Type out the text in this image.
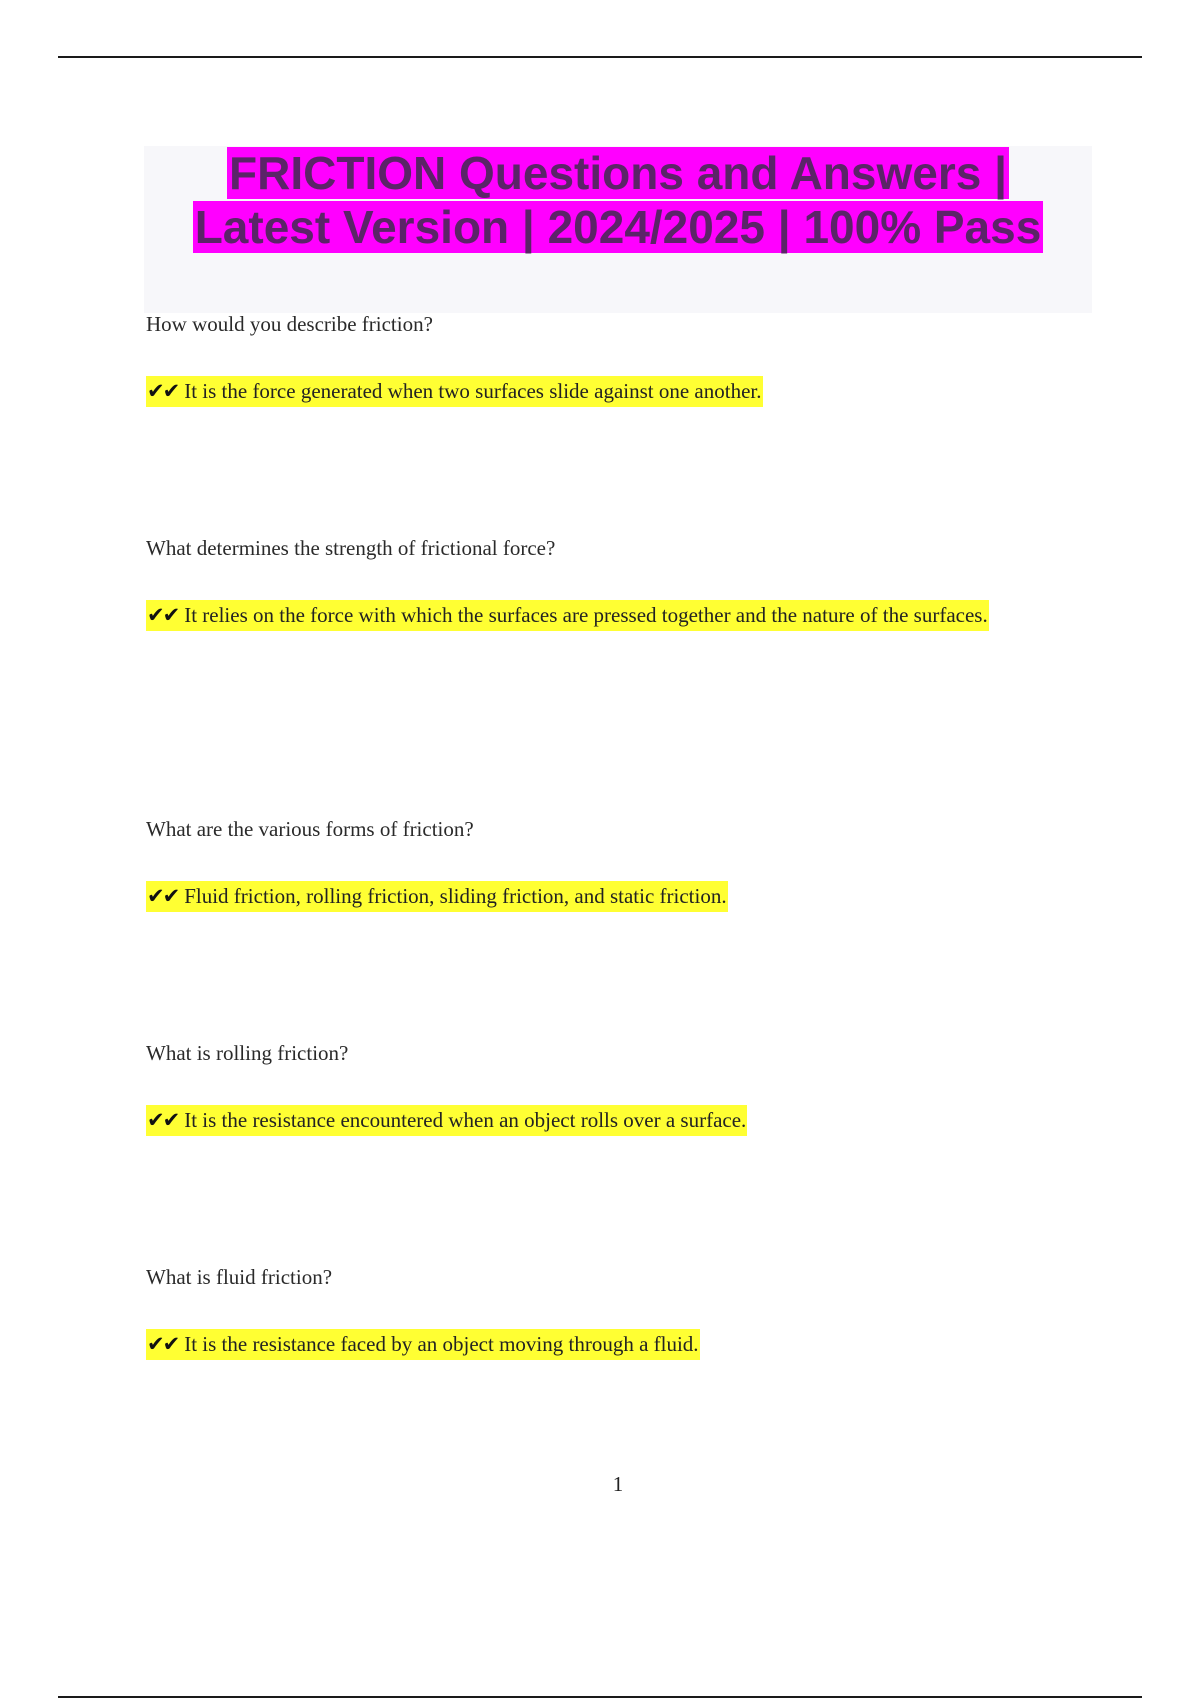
FRICTION Questions and Answers |
Latest Version | 2024/2025 | 100% Pass

How would you describe friction?

✔✔ It is the force generated when two surfaces slide against one another.

What determines the strength of frictional force?

✔✔ It relies on the force with which the surfaces are pressed together and the nature of the surfaces.

What are the various forms of friction?

✔✔ Fluid friction, rolling friction, sliding friction, and static friction.

What is rolling friction?

✔✔ It is the resistance encountered when an object rolls over a surface.

What is fluid friction?

✔✔ It is the resistance faced by an object moving through a fluid.

1
